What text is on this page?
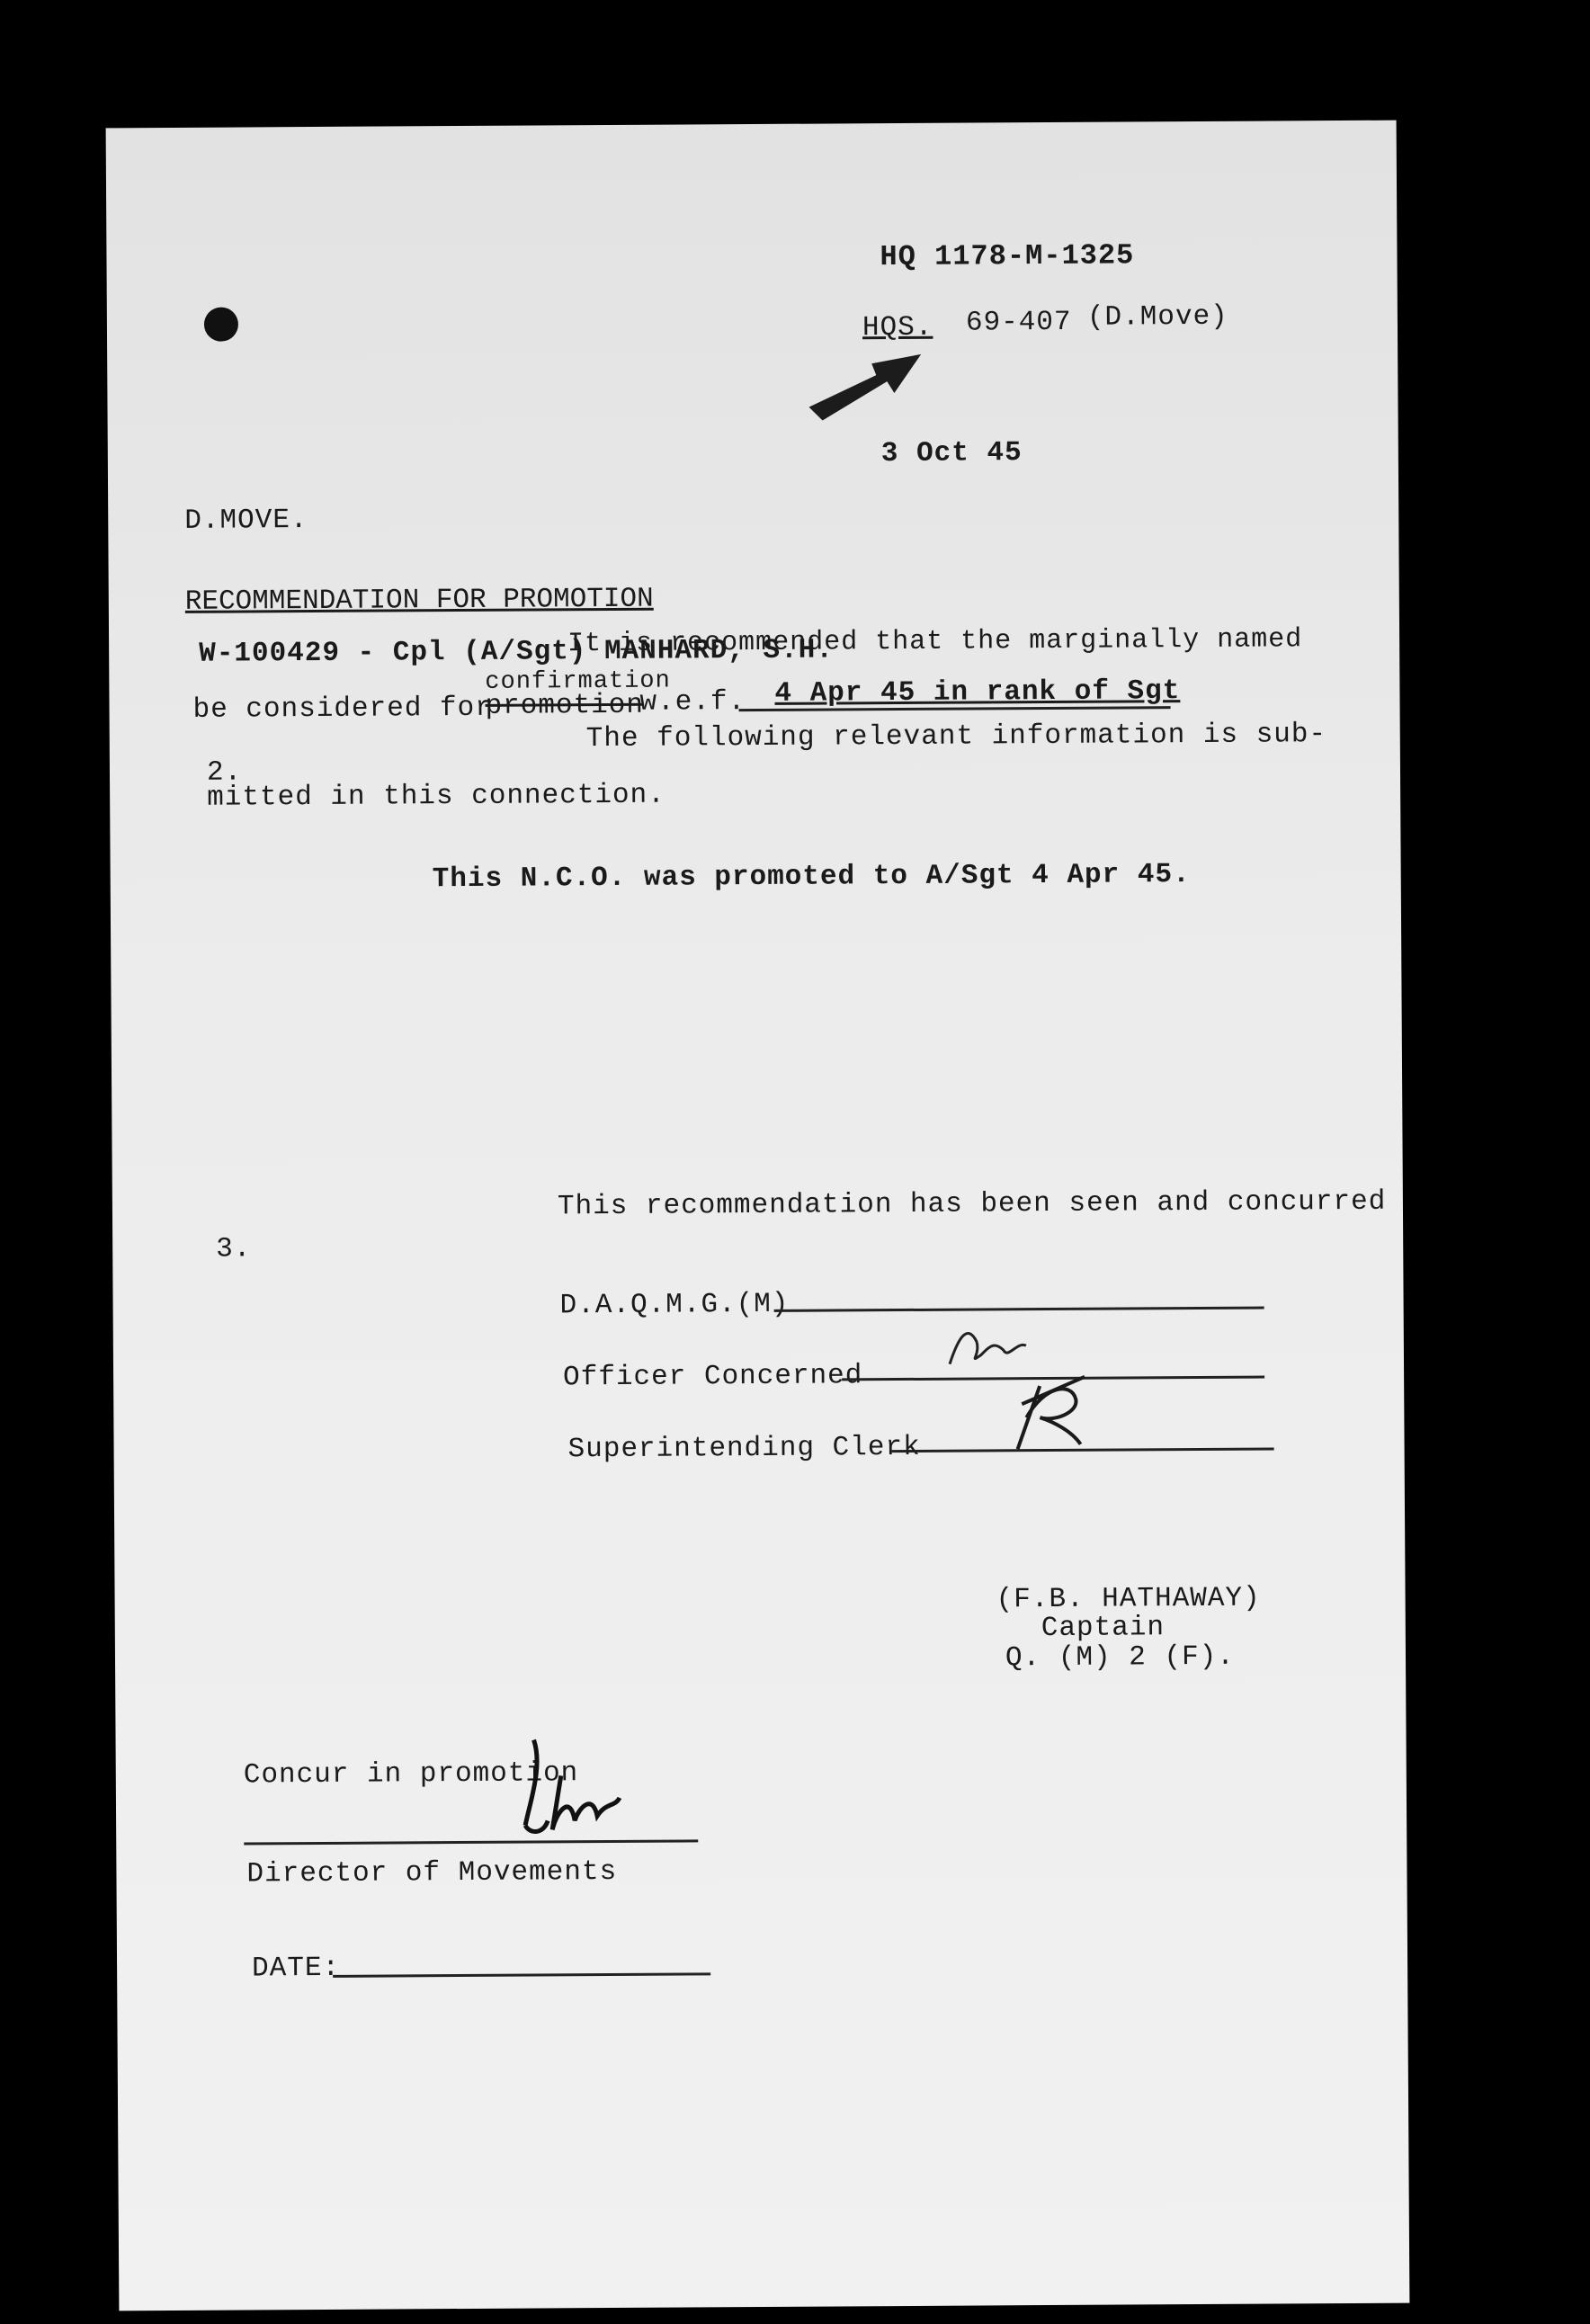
HQ 1178-M-1325
HQS. 69-407 (D.Move)
3 Oct 45
D.MOVE.
RECOMMENDATION FOR PROMOTION
W-100429 - Cpl (A/Sgt) MANHARD, S.H.
It is recommended that the marginally named
confirmation
be considered for
promotion
w.e.f. 4 Apr 45 in rank of Sgt
2.
The following relevant information is sub-
mitted in this connection.
This N.C.O. was promoted to A/Sgt 4 Apr 45.
3.
This recommendation has been seen and concurred
D.A.Q.M.G.(M)
Officer Concerned
Superintending Clerk
(F.B. HATHAWAY)
Captain
Q. (M) 2 (F).
Concur in promotion
Director of Movements
DATE:
